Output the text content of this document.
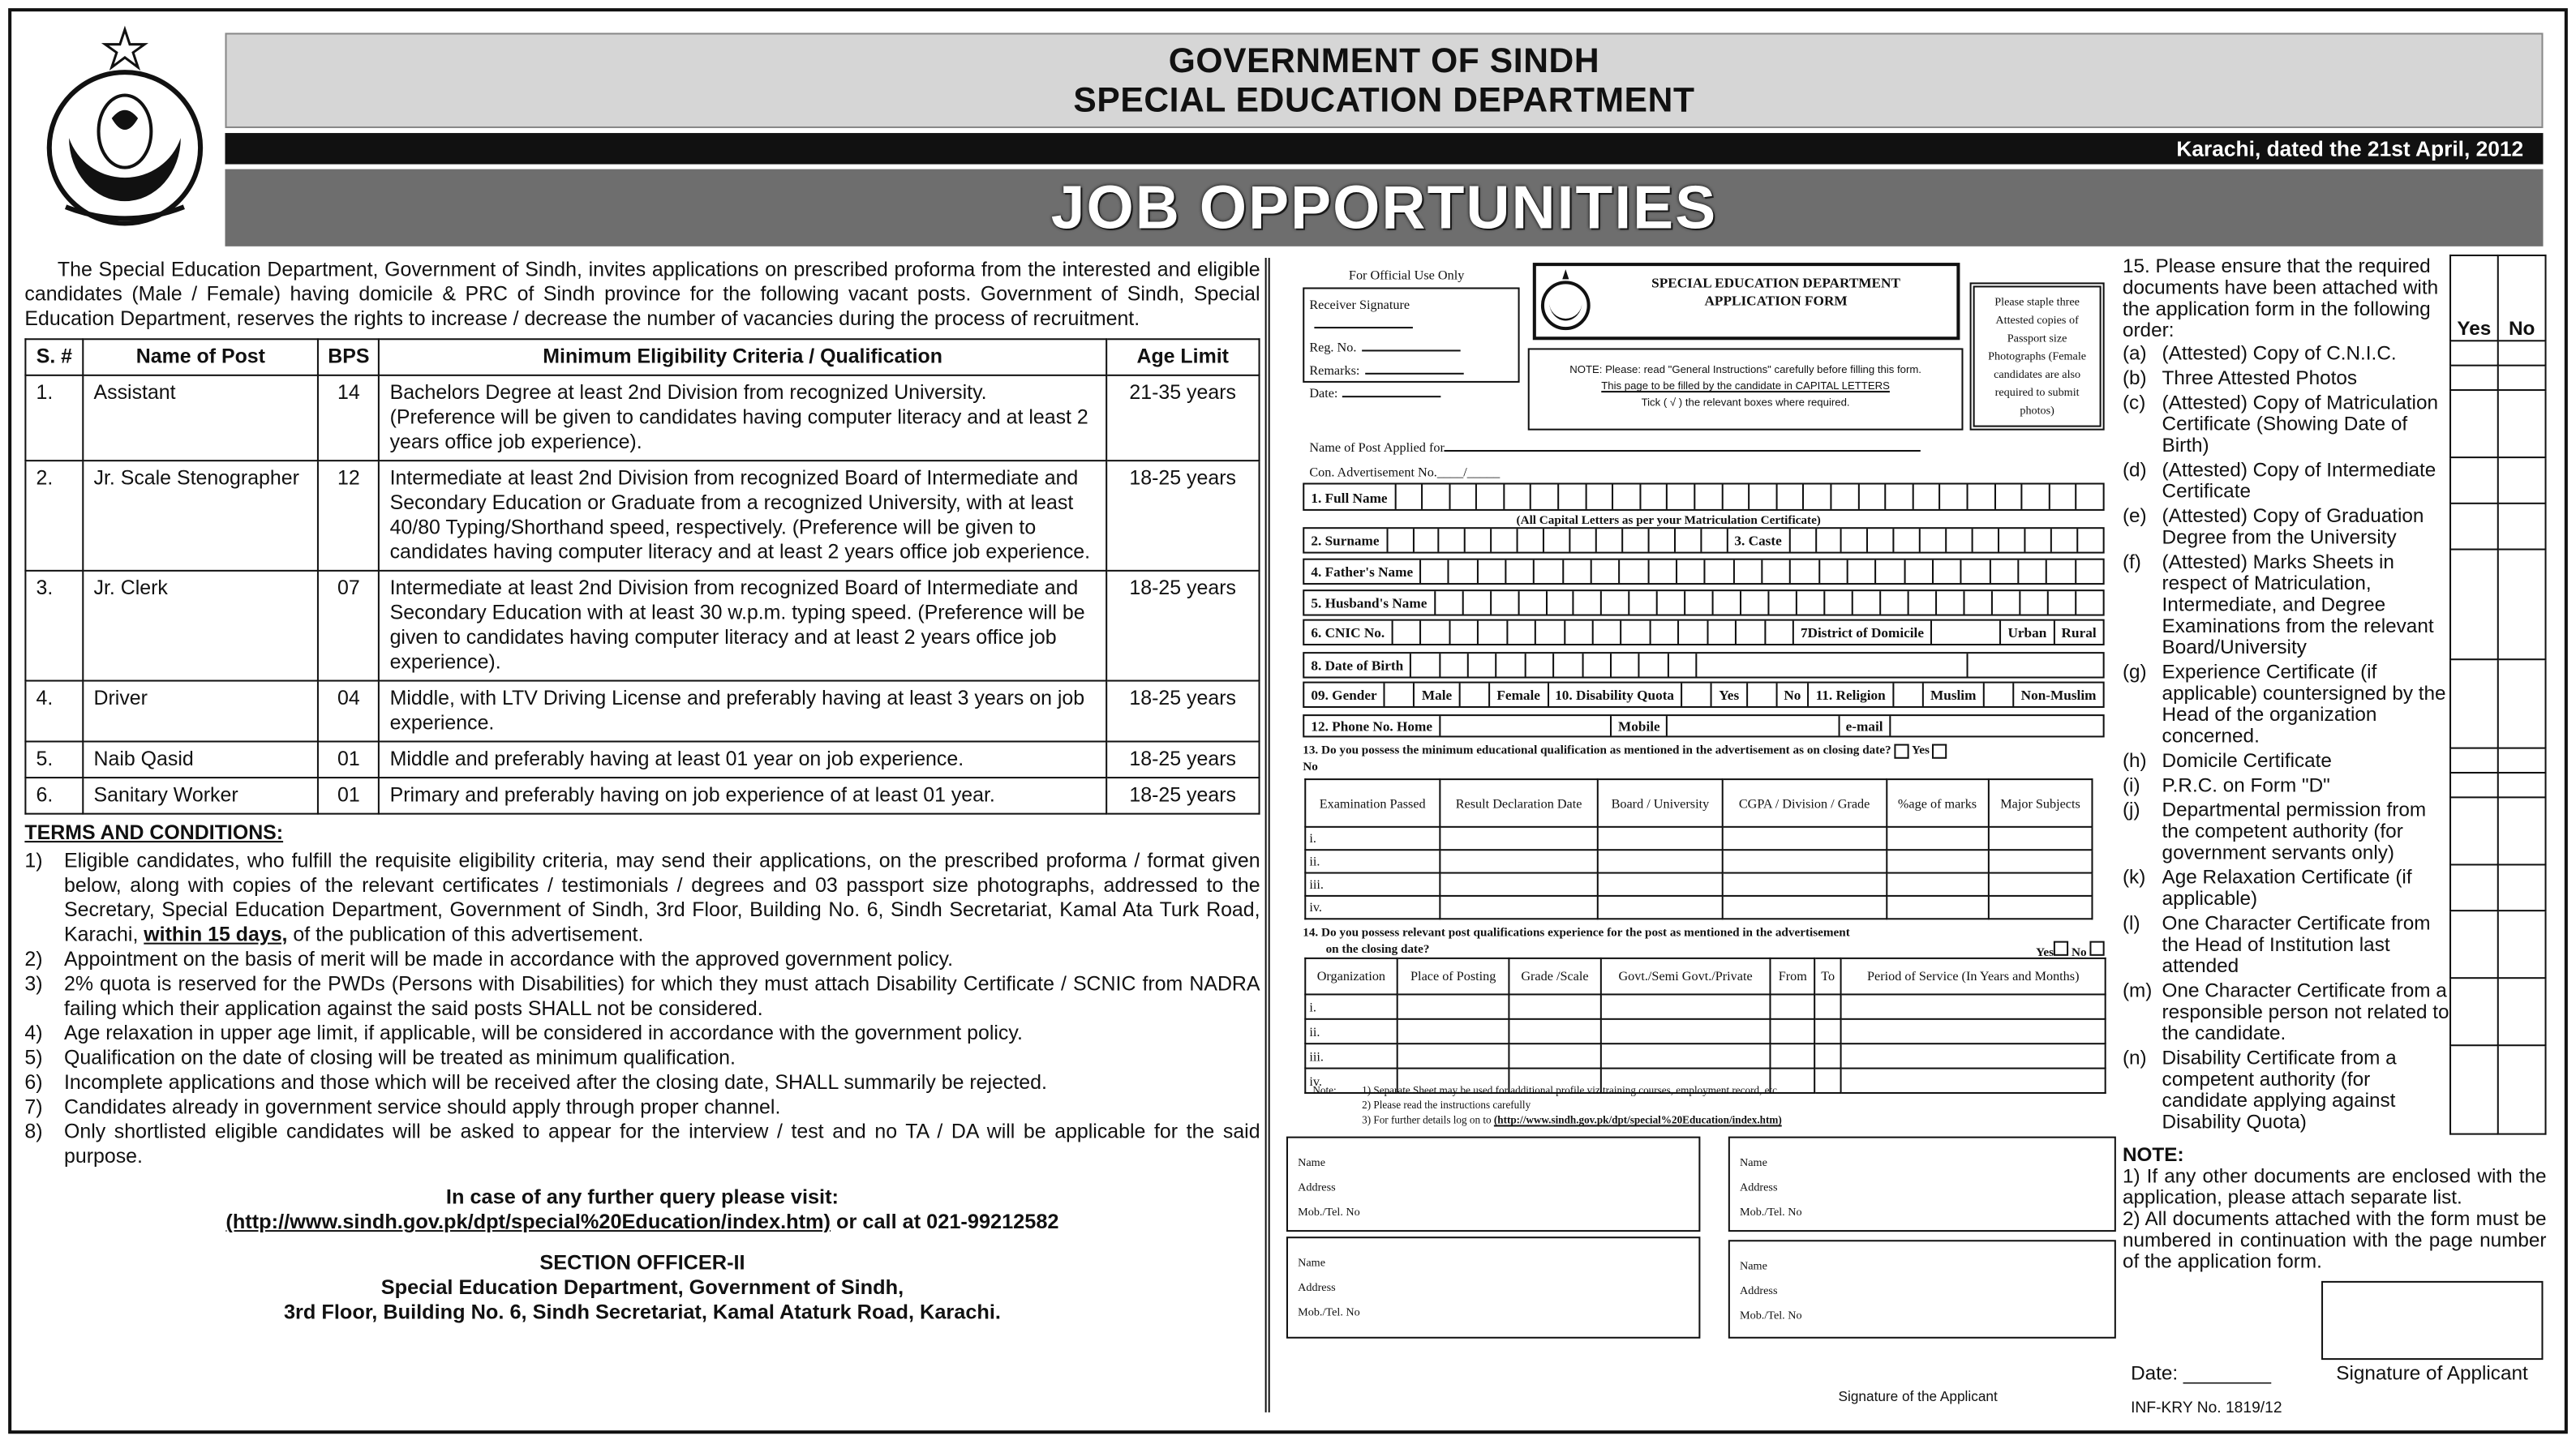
GOVERNMENT OF SINDH
SPECIAL EDUCATION DEPARTMENT
Karachi, dated the 21st April, 2012
JOB OPPORTUNITIES

The Special Education Department, Government of Sindh, invites applications on prescribed proforma from the interested and eligible candidates (Male / Female) having domicile & PRC of Sindh province for the following vacant posts. Government of Sindh, Special Education Department, reserves the rights to increase / decrease the number of vacancies during the process of recruitment.

S. #	Name of Post	BPS	Minimum Eligibility Criteria / Qualification	Age Limit
1.	Assistant	14	Bachelors Degree at least 2nd Division from recognized University. (Preference will be given to candidates having computer literacy and at least 2 years office job experience).	21-35 years
2.	Jr. Scale Stenographer	12	Intermediate at least 2nd Division from recognized Board of Intermediate and Secondary Education or Graduate from a recognized University, with at least 40/80 Typing/Shorthand speed, respectively. (Preference will be given to candidates having computer literacy and at least 2 years office job experience.	18-25 years
3.	Jr. Clerk	07	Intermediate at least 2nd Division from recognized Board of Intermediate and Secondary Education with at least 30 w.p.m. typing speed. (Preference will be given to candidates having computer literacy and at least 2 years office job experience).	18-25 years
4.	Driver	04	Middle, with LTV Driving License and preferably having at least 3 years on job experience.	18-25 years
5.	Naib Qasid	01	Middle and preferably having at least 01 year on job experience.	18-25 years
6.	Sanitary Worker	01	Primary and preferably having on job experience of at least 01 year.	18-25 years
TERMS AND CONDITIONS:
1)	Eligible candidates, who fulfill the requisite eligibility criteria, may send their applications, on the prescribed proforma / format given below, along with copies of the relevant certificates / testimonials / degrees and 03 passport size photographs, addressed to the Secretary, Special Education Department, Government of Sindh, 3rd Floor, Building No. 6, Sindh Secretariat, Kamal Ata Turk Road, Karachi, within 15 days, of the publication of this advertisement.
2)	Appointment on the basis of merit will be made in accordance with the approved government policy.
3)	2% quota is reserved for the PWDs (Persons with Disabilities) for which they must attach Disability Certificate / SCNIC from NADRA failing which their application against the said posts SHALL not be considered.
4)	Age relaxation in upper age limit, if applicable, will be considered in accordance with the government policy.
5)	Qualification on the date of closing will be treated as minimum qualification.
6)	Incomplete applications and those which will be received after the closing date, SHALL summarily be rejected.
7)	Candidates already in government service should apply through proper channel.
8)	Only shortlisted eligible candidates will be asked to appear for the interview / test and no TA / DA will be applicable for the said purpose.
In case of any further query please visit:
(http://www.sindh.gov.pk/dpt/special%20Education/index.htm) or call at 021-99212582
SECTION OFFICER-II
Special Education Department, Government of Sindh,
3rd Floor, Building No. 6, Sindh Secretariat, Kamal Ataturk Road, Karachi.
For Official Use Only
Receiver Signature
Reg. No.
Remarks:
Date:
SPECIAL EDUCATION DEPARTMENT
APPLICATION FORM
NOTE: Please: read "General Instructions" carefully before filling this form.
This page to be filled by the candidate in CAPITAL LETTERS
Tick ( √ ) the relevant boxes where required.
Please staple three Attested copies of Passport size Photographs (Female candidates are also required to submit photos)
Name of Post Applied for
Con. Advertisement No.____/_____
1. Full Name
(All Capital Letters as per your Matriculation Certificate)
2. Surname	3. Caste
4. Father's Name
5. Husband's Name
6. CNIC No.	7District of Domicile	Urban	Rural
8. Date of Birth
09. Gender	Male	Female	10. Disability Quota	Yes	No	11. Religion	Muslim	Non-Muslim
12. Phone No. Home	Mobile	e-mail
13. Do you possess the minimum educational qualification as mentioned in the advertisement as on closing date?	Yes
No
Examination Passed	Result Declaration Date	Board / University	CGPA / Division / Grade	%age of marks	Major Subjects
i.					
ii.					
iii.					
iv.					
14. Do you possess relevant post qualifications experience for the post as mentioned in the advertisement
on the closing date?	Yes	No
Organization	Place of Posting	Grade /Scale	Govt./Semi Govt./Private	From	To	Period of Service (In Years and Months)
i.						
ii.						
iii.						
iv.						
Note:	1) Separate Sheet may be used for additional profile viz training courses, employment record, etc.
2) Please read the instructions carefully
3) For further details log on to (http://www.sindh.gov.pk/dpt/special%20Education/index.htm)
Name
Address
Mob./Tel. No
Name
Address
Mob./Tel. No
Name
Address
Mob./Tel. No
Name
Address
Mob./Tel. No
Signature of the Applicant
15. Please ensure that the required documents have been attached with the application form in the following order:	Yes	No

(a) (Attested) Copy of C.N.I.C.		

(b) Three Attested Photos		

(c) (Attested) Copy of Matriculation Certificate (Showing Date of Birth)		

(d) (Attested) Copy of Intermediate Certificate		

(e) (Attested) Copy of Graduation Degree from the University		

(f) (Attested) Marks Sheets in respect of Matriculation, Intermediate, and Degree Examinations from the relevant Board/University		

(g) Experience Certificate (if applicable) countersigned by the Head of the organization concerned.		

(h) Domicile Certificate		

(i) P.R.C. on Form "D"		

(j) Departmental permission from the competent authority (for government servants only)		

(k) Age Relaxation Certificate (if applicable)		

(l) One Character Certificate from the Head of Institution last attended		

(m) One Character Certificate from a responsible person not related to the candidate.		

(n) Disability Certificate from a competent authority (for candidate applying against Disability Quota)		

NOTE:
1) If any other documents are enclosed with the application, please attach separate list.
2) All documents attached with the form must be numbered in continuation with the page number of the application form.
Date: ________	Signature of Applicant
INF-KRY No. 1819/12
